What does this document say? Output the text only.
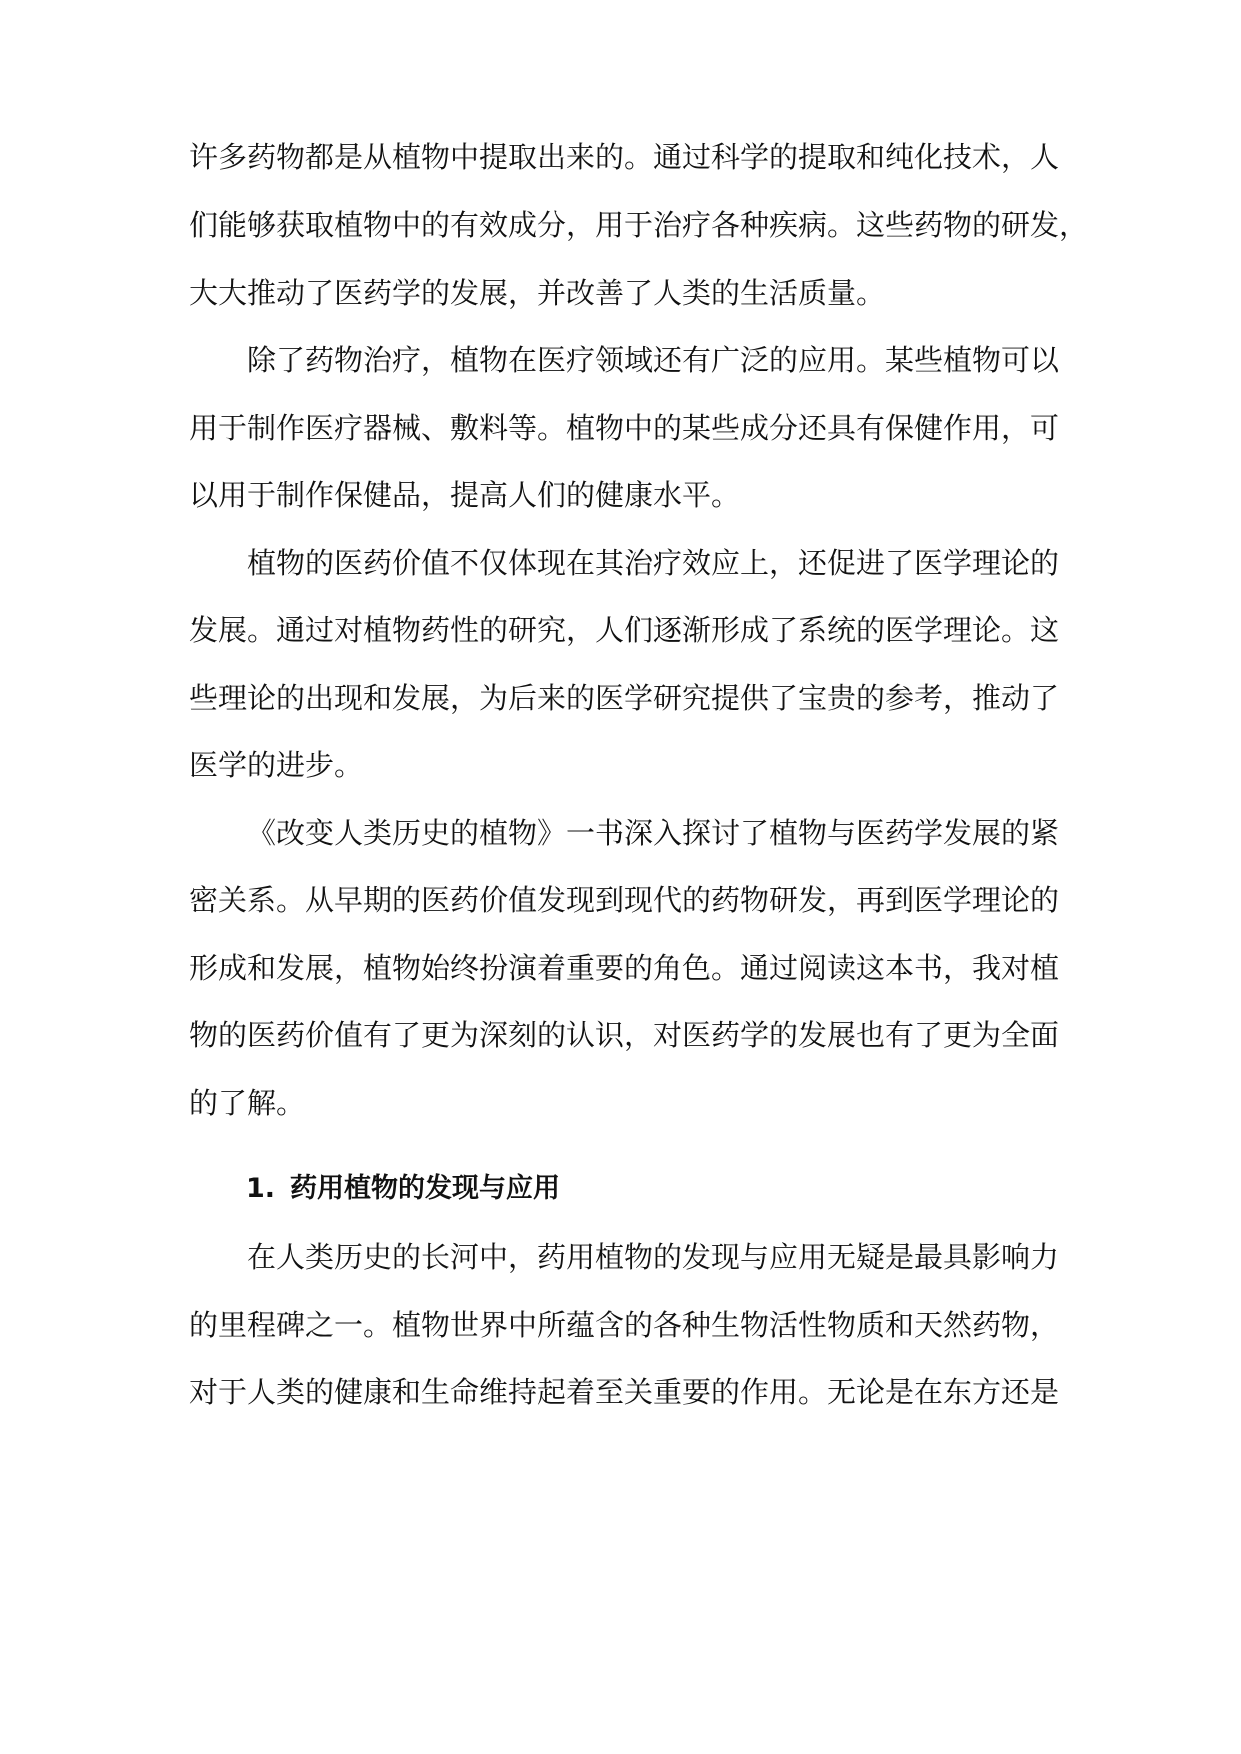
许多药物都是从植物中提取出来的。通过科学的提取和纯化技术，人
们能够获取植物中的有效成分，用于治疗各种疾病。这些药物的研发，
大大推动了医药学的发展，并改善了人类的生活质量。
除了药物治疗，植物在医疗领域还有广泛的应用。某些植物可以
用于制作医疗器械、敷料等。植物中的某些成分还具有保健作用，可
以用于制作保健品，提高人们的健康水平。
植物的医药价值不仅体现在其治疗效应上，还促进了医学理论的
发展。通过对植物药性的研究，人们逐渐形成了系统的医学理论。这
些理论的出现和发展，为后来的医学研究提供了宝贵的参考，推动了
医学的进步。
《改变人类历史的植物》一书深入探讨了植物与医药学发展的紧
密关系。从早期的医药价值发现到现代的药物研发，再到医学理论的
形成和发展，植物始终扮演着重要的角色。通过阅读这本书，我对植
物的医药价值有了更为深刻的认识，对医药学的发展也有了更为全面
的了解。
在人类历史的长河中，药用植物的发现与应用无疑是最具影响力
的里程碑之一。植物世界中所蕴含的各种生物活性物质和天然药物，
对于人类的健康和生命维持起着至关重要的作用。无论是在东方还是
1. 药用植物的发现与应用
